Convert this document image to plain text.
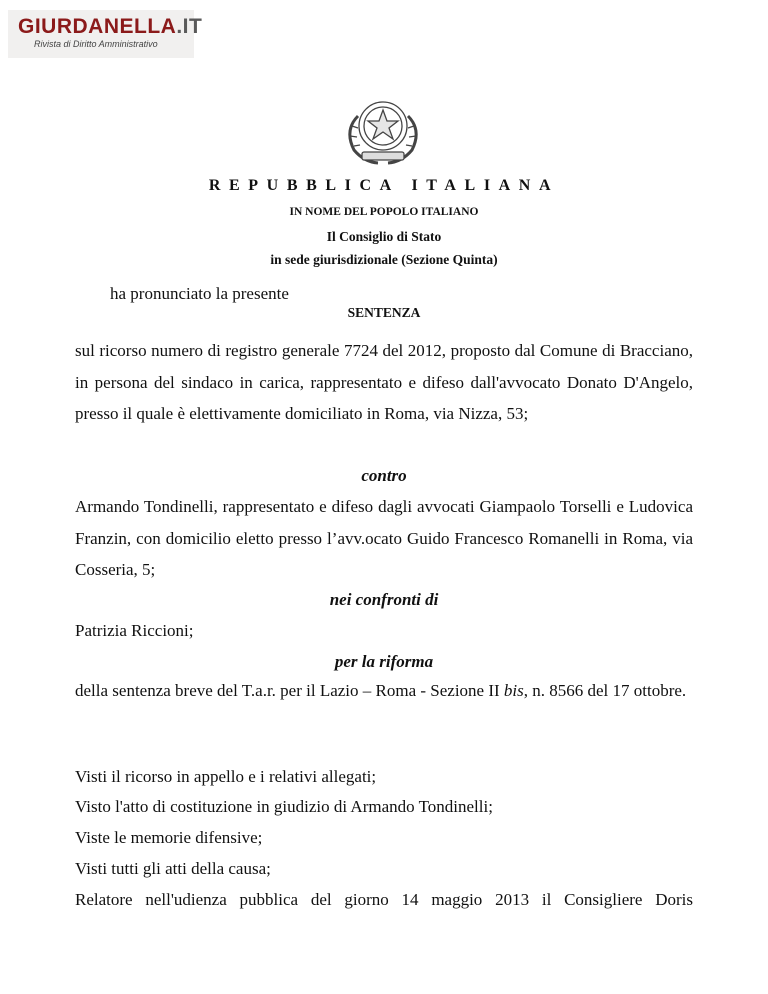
GIURDANELLA.IT
Rivista di Diritto Amministrativo
REPUBBLICA ITALIANA
IN NOME DEL POPOLO ITALIANO
Il Consiglio di Stato
in sede giurisdizionale (Sezione Quinta)
ha pronunciato la presente
SENTENZA
sul ricorso numero di registro generale 7724 del 2012, proposto dal Comune di Bracciano, in persona del sindaco in carica, rappresentato e difeso dall'avvocato Donato D'Angelo, presso il quale è elettivamente domiciliato in Roma, via Nizza, 53;
contro
Armando Tondinelli, rappresentato e difeso dagli avvocati Giampaolo Torselli e Ludovica Franzin, con domicilio eletto presso l’avv.ocato Guido Francesco Romanelli in Roma, via Cosseria, 5;
nei confronti di
Patrizia Riccioni;
per la riforma
della sentenza breve del T.a.r. per il Lazio – Roma - Sezione II bis, n. 8566 del 17 ottobre.
Visti il ricorso in appello e i relativi allegati;
Visto l'atto di costituzione in giudizio di Armando Tondinelli;
Viste le memorie difensive;
Visti tutti gli atti della causa;
Relatore nell'udienza pubblica del giorno 14 maggio 2013 il Consigliere Doris
